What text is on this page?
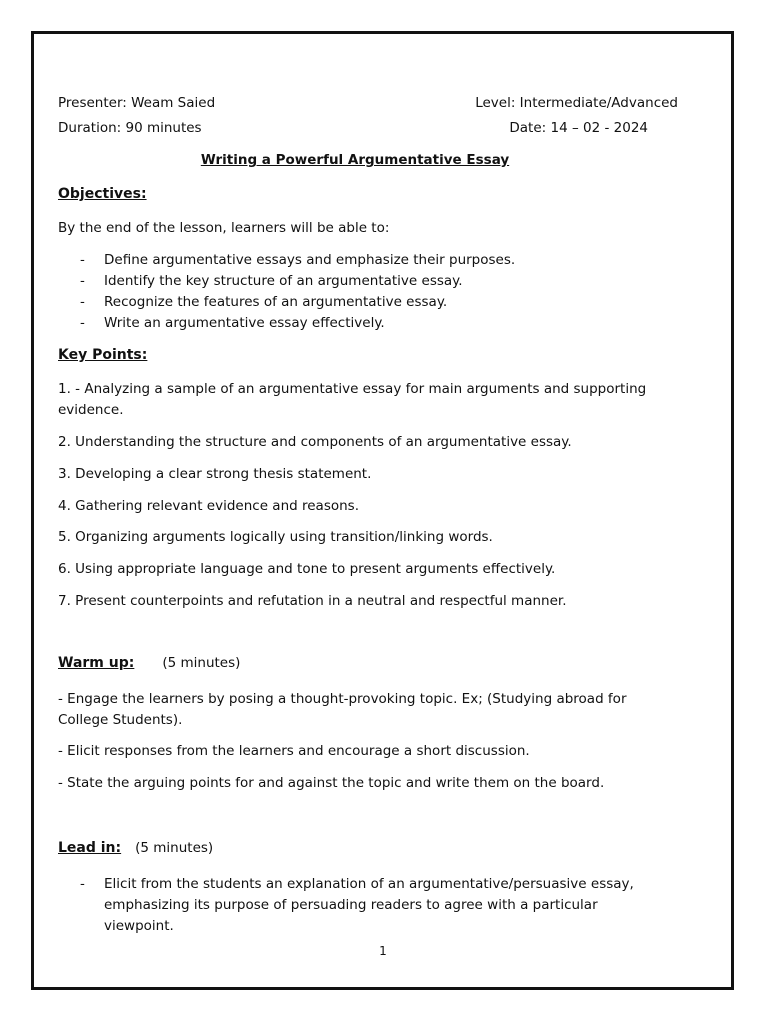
Presenter: Weam Saied	Level: Intermediate/Advanced
Duration: 90 minutes	Date: 14 – 02 - 2024
Writing a Powerful Argumentative Essay
Objectives:
By the end of the lesson, learners will be able to:
- Define argumentative essays and emphasize their purposes.
- Identify the key structure of an argumentative essay.
- Recognize the features of an argumentative essay.
- Write an argumentative essay effectively.
Key Points:
1. - Analyzing a sample of an argumentative essay for main arguments and supporting evidence.
2. Understanding the structure and components of an argumentative essay.
3. Developing a clear strong thesis statement.
4. Gathering relevant evidence and reasons.
5. Organizing arguments logically using transition/linking words.
6. Using appropriate language and tone to present arguments effectively.
7. Present counterpoints and refutation in a neutral and respectful manner.
Warm up: (5 minutes)
- Engage the learners by posing a thought-provoking topic. Ex; (Studying abroad for College Students).
- Elicit responses from the learners and encourage a short discussion.
- State the arguing points for and against the topic and write them on the board.
Lead in: (5 minutes)
- Elicit from the students an explanation of an argumentative/persuasive essay, emphasizing its purpose of persuading readers to agree with a particular viewpoint.
1
